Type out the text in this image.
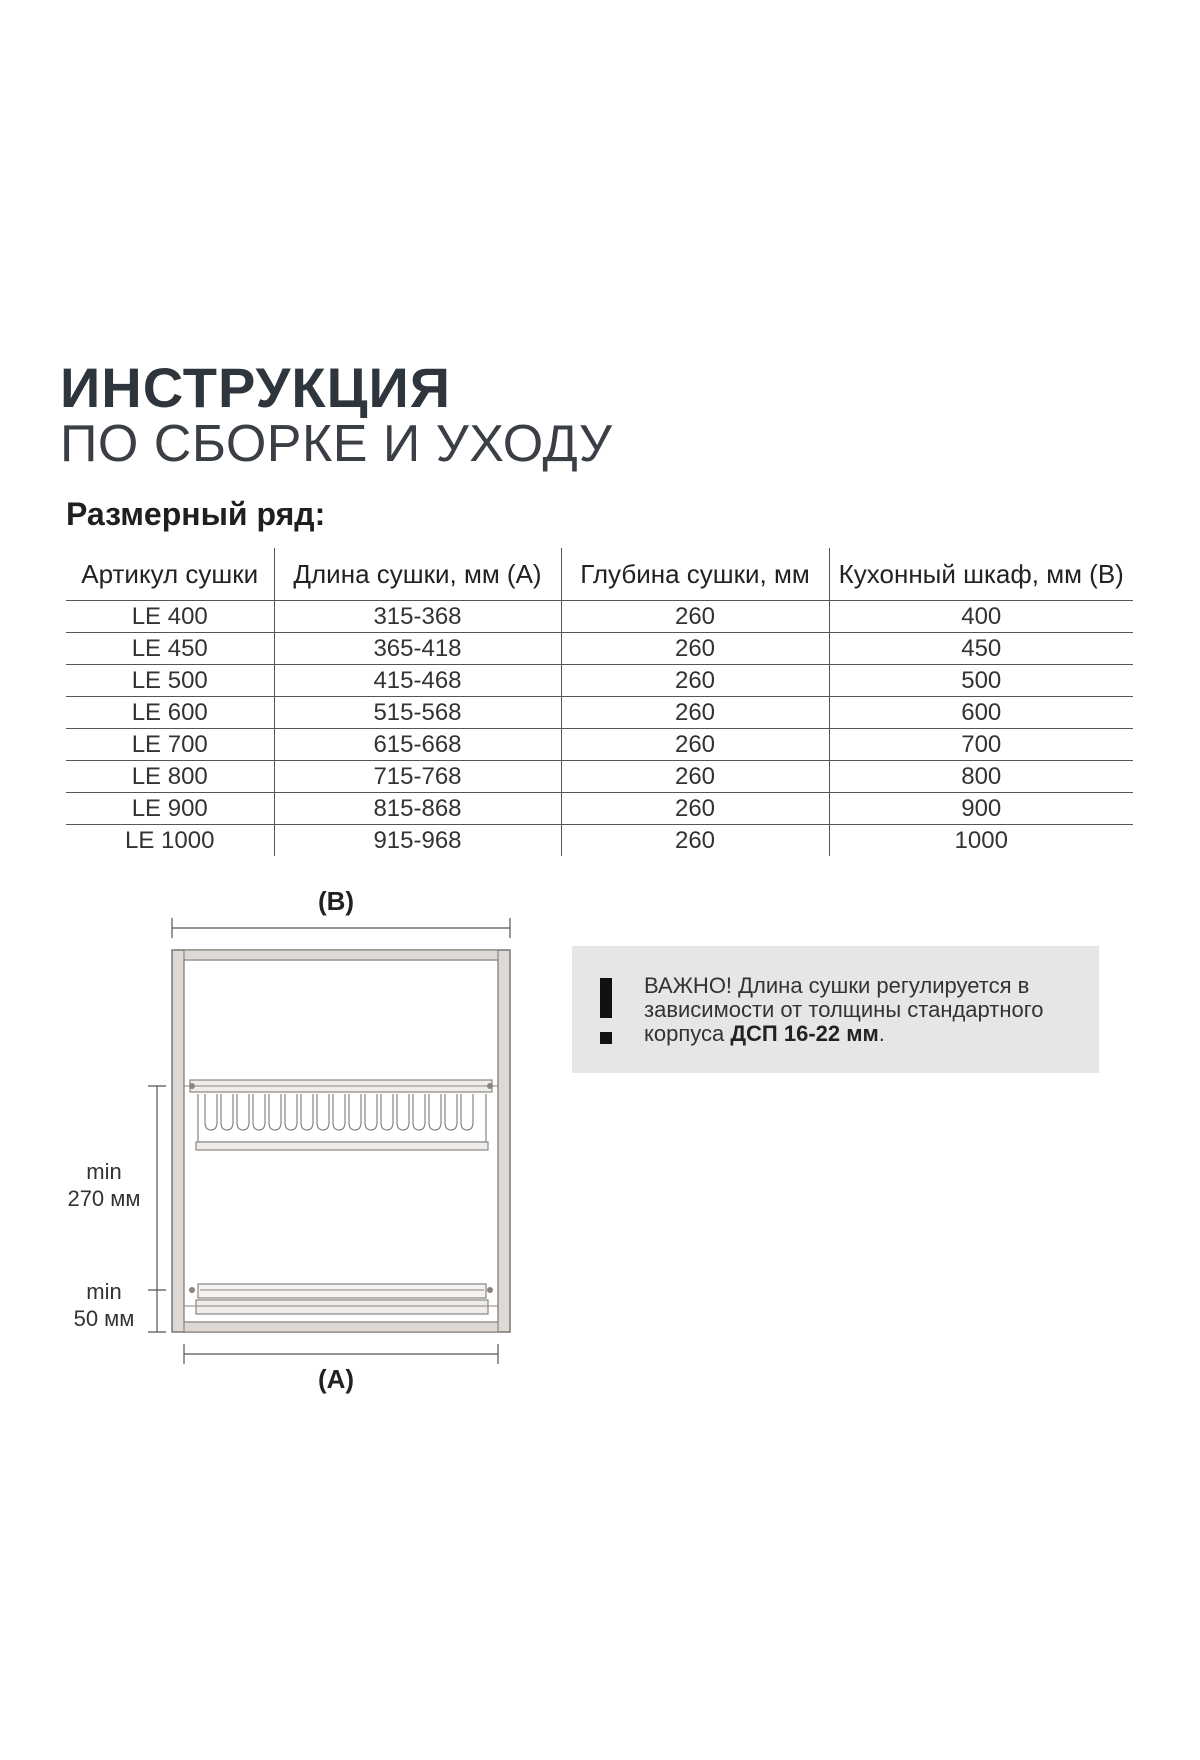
ИНСТРУКЦИЯ
ПО СБОРКЕ И УХОДУ
Размерный ряд:
Артикул сушки	Длина сушки, мм (А)	Глубина сушки, мм	Кухонный шкаф, мм (В)
LE 400	315-368	260	400
LE 450	365-418	260	450
LE 500	415-468	260	500
LE 600	515-568	260	600
LE 700	615-668	260	700
LE 800	715-768	260	800
LE 900	815-868	260	900
LE 1000	915-968	260	1000
(В)
(А)
min
270 мм
min
50 мм
ВАЖНО! Длина сушки регулируется в зависимости от толщины стандартного корпуса ДСП 16-22 мм.
